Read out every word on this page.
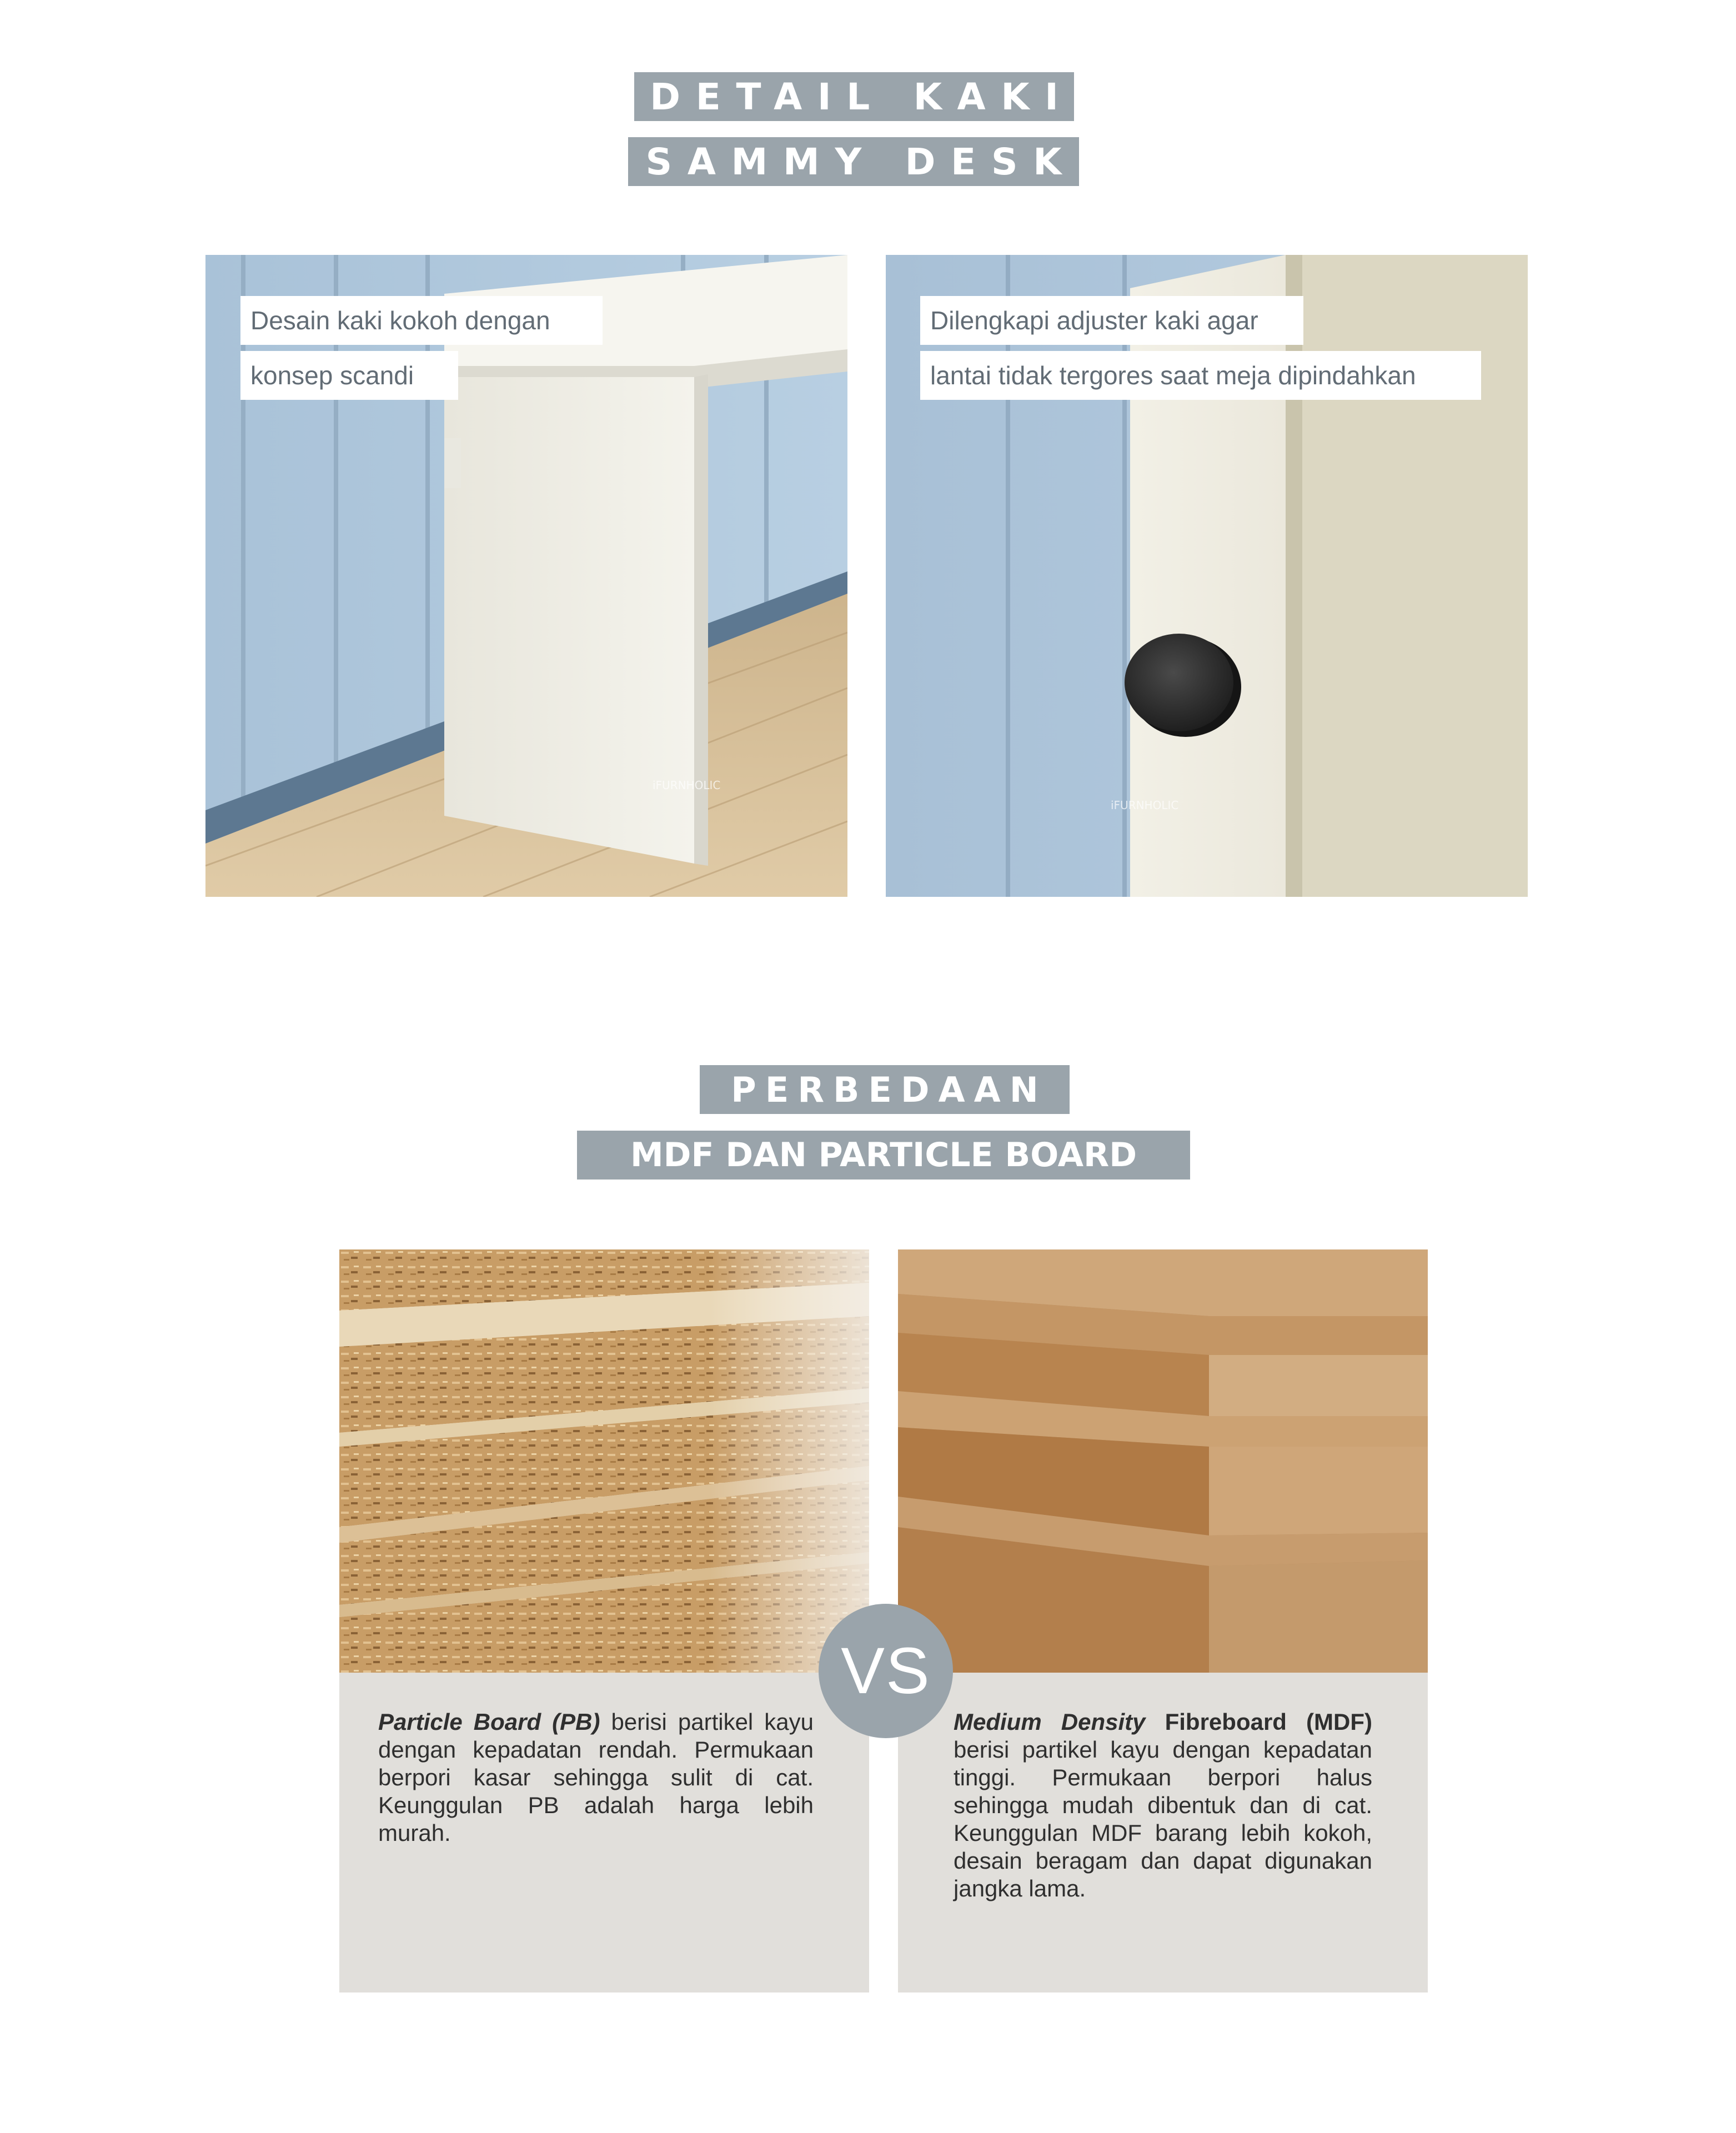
DETAIL KAKI
SAMMY DESK
iFURNHOLIC
Desain kaki kokoh dengan
konsep scandi
iFURNHOLIC
Dilengkapi adjuster kaki agar
lantai tidak tergores saat meja dipindahkan
PERBEDAAN
MDF DAN PARTICLE BOARD
Particle Board (PB) berisi partikel kayu dengan kepadatan rendah. Permukaan berpori kasar sehingga sulit di cat. Keunggulan PB adalah harga lebih murah.
Medium Density Fibreboard (MDF) berisi partikel kayu dengan kepadatan tinggi. Permukaan berpori halus sehingga mudah dibentuk dan di cat. Keunggulan MDF barang lebih kokoh, desain beragam dan dapat digunakan jangka lama.
VS
